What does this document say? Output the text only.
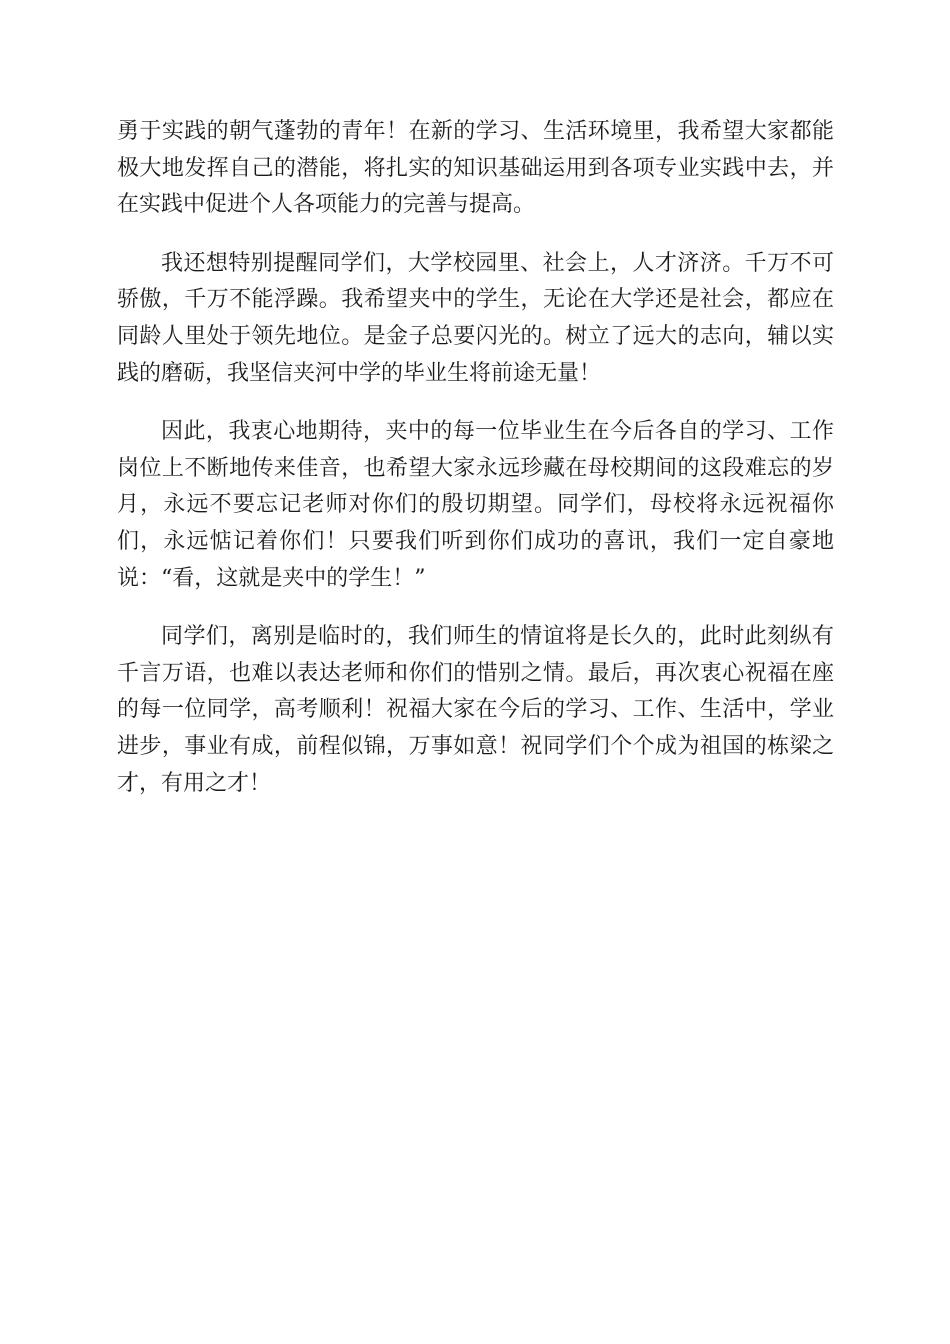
勇于实践的朝气蓬勃的青年！在新的学习、生活环境里，我希望大家都能
极大地发挥自己的潜能，将扎实的知识基础运用到各项专业实践中去，并
在实践中促进个人各项能力的完善与提高。

我还想特别提醒同学们，大学校园里、社会上，人才济济。千万不可
骄傲，千万不能浮躁。我希望夹中的学生，无论在大学还是社会，都应在
同龄人里处于领先地位。是金子总要闪光的。树立了远大的志向，辅以实
践的磨砺，我坚信夹河中学的毕业生将前途无量！

因此，我衷心地期待，夹中的每一位毕业生在今后各自的学习、工作
岗位上不断地传来佳音，也希望大家永远珍藏在母校期间的这段难忘的岁
月，永远不要忘记老师对你们的殷切期望。同学们，母校将永远祝福你
们，永远惦记着你们！只要我们听到你们成功的喜讯，我们一定自豪地
说：“看，这就是夹中的学生！”

同学们，离别是临时的，我们师生的情谊将是长久的，此时此刻纵有
千言万语，也难以表达老师和你们的惜别之情。最后，再次衷心祝福在座
的每一位同学，高考顺利！祝福大家在今后的学习、工作、生活中，学业
进步，事业有成，前程似锦，万事如意！祝同学们个个成为祖国的栋梁之
才，有用之才！
